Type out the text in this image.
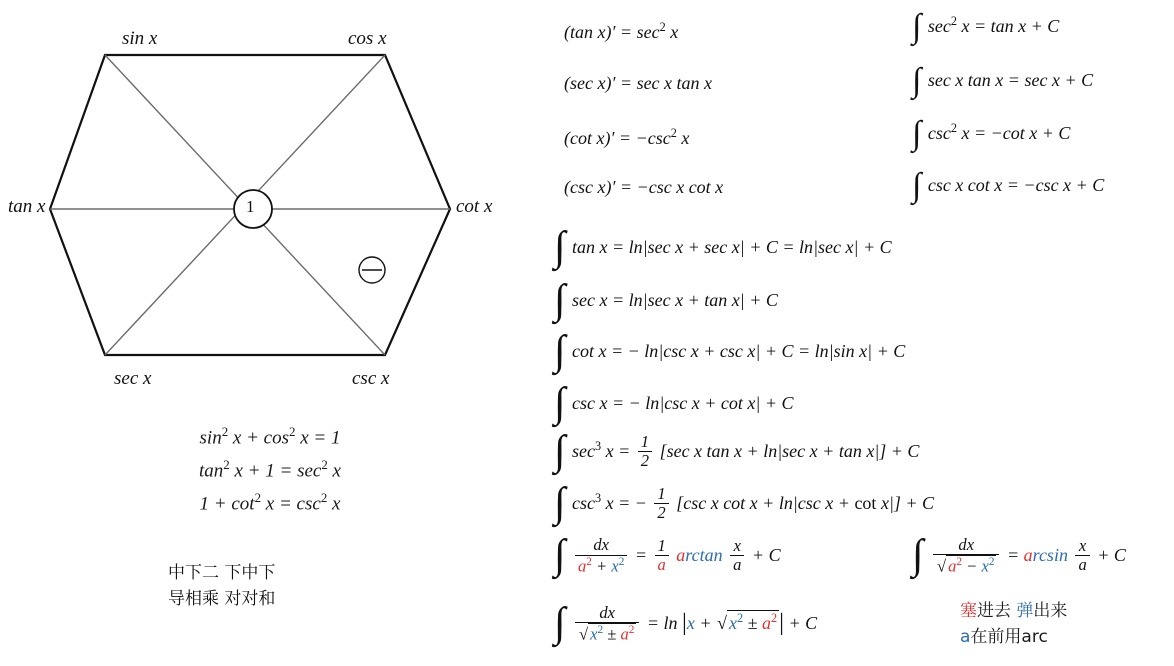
1
sin x	cos x
tan x	cot x
sec x	csc x
$\sin^2 x + \cos^2 x = 1$
$\tan^2 x + 1 = \sec^2 x$
$1 + \cot^2 x = \csc^2 x$
中下二 下中下
导相乘 对对和
(tan $x)' = \sec^2 x$
(sec x)′ = sec x tan x
(cot $x)' = -\csc^2$ x
(csc x)′ = −csc x cot x
∫ $\sec^2 x = \tan x + C$
∫ sec x tan x = sec x + C
∫ $\csc^2 x = -\cot$ x + C
∫ csc x cot x = −csc x + C
∫ tan x = ln|sec x + sec x| + C = ln|sec x| + C
∫ sec x = ln|sec x + tan x| + C
∫ cot x = − ln|csc x + csc x| + C = ln|sin x| + C
∫ csc x = − ln|csc x + cot x| + C
∫ $\sec^3 x = \frac{1}{2} [\sec$ x tan x + ln|sec x + tan x|] + C
∫ $\csc^3 x$ = − $\frac{1}{2} [\csc$ x cot x + ln|csc x + cot x|] + C
∫ $\frac{dx}{a^2 + x^2} = \frac{1}{a}$ $\arctan \frac{x}{a} + C$	∫ $\frac{dx}{√ a^2 - x^2} = \arcsin \frac{x}{a} + C$
∫ $\frac{dx}{√ x^2 \pm a^2} = \ln |x$ + √ $x^2 \pm a^2| + C$
塞进去 弹出来
a在前用arc
